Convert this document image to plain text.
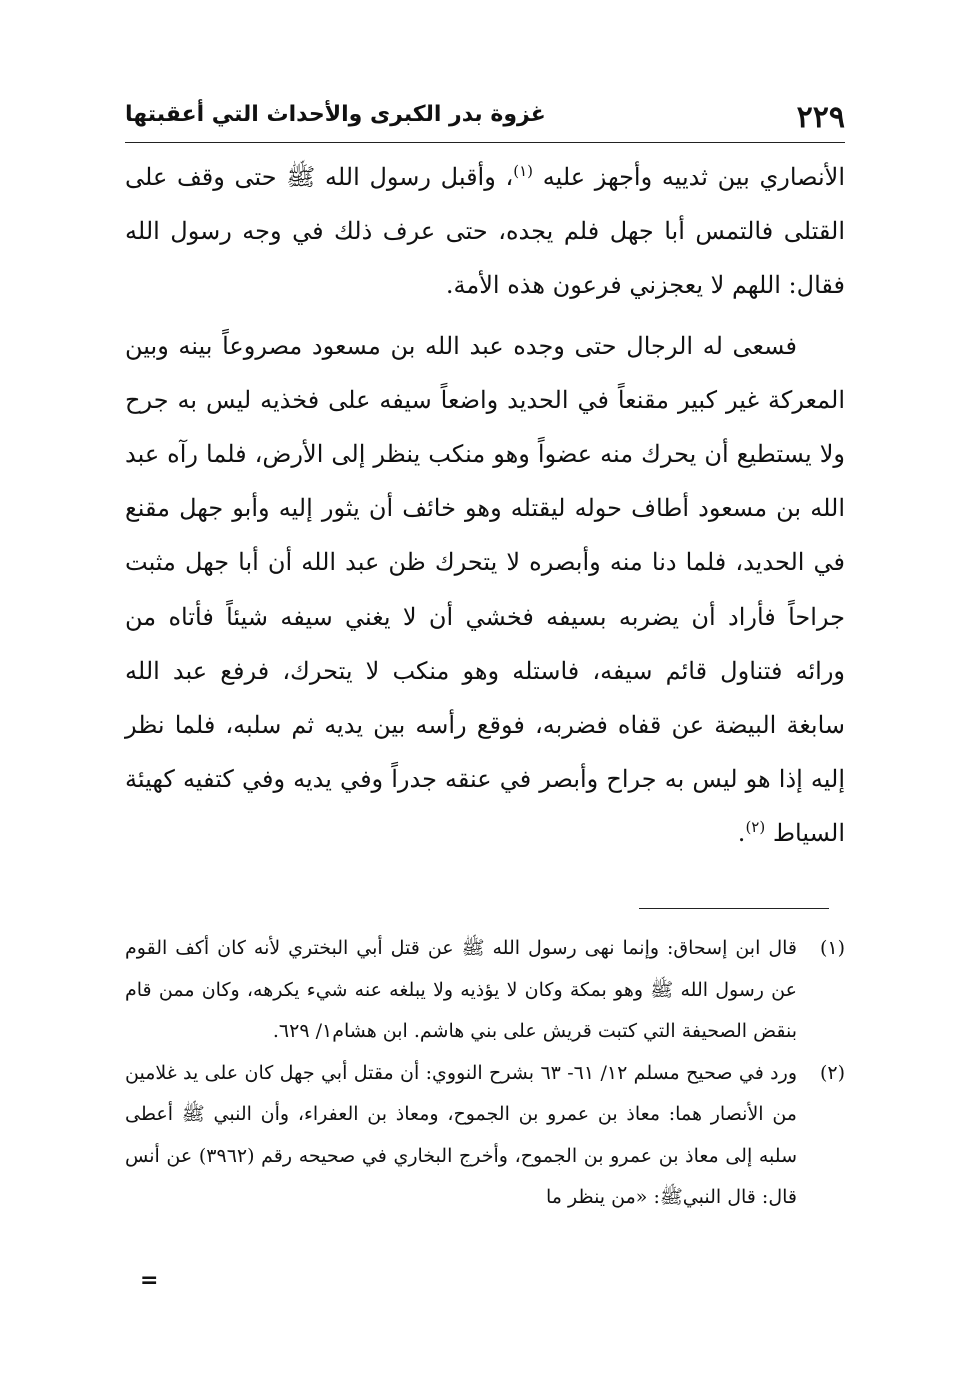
٢٢٩
غزوة بدر الكبرى والأحداث التي أعقبتها

الأنصاري بين ثدييه وأجهز عليه $^{(١)}$، وأقبل رسول الله ﷺ حتى وقف على القتلى فالتمس أبا جهل فلم يجده، حتى عرف ذلك في وجه رسول الله فقال: اللهم لا يعجزني فرعون هذه الأمة.

فسعى له الرجال حتى وجده عبد الله بن مسعود مصروعاً بينه وبين المعركة غير كبير مقنعاً في الحديد واضعاً سيفه على فخذيه ليس به جرح ولا يستطيع أن يحرك منه عضواً وهو منكب ينظر إلى الأرض، فلما رآه عبد الله بن مسعود أطاف حوله ليقتله وهو خائف أن يثور إليه وأبو جهل مقنع في الحديد، فلما دنا منه وأبصره لا يتحرك ظن عبد الله أن أبا جهل مثبت جراحاً فأراد أن يضربه بسيفه فخشي أن لا يغني سيفه شيئاً فأتاه من ورائه فتناول قائم سيفه، فاستله وهو منكب لا يتحرك، فرفع عبد الله سابغة البيضة عن قفاه فضربه، فوقع رأسه بين يديه ثم سلبه، فلما نظر إليه إذا هو ليس به جراح وأبصر في عنقه جدراً وفي يديه وفي كتفيه كهيئة السياط $^{(٢)}$.

(١)
قال ابن إسحاق: وإنما نهى رسول الله ﷺ عن قتل أبي البختري لأنه كان أكف القوم عن رسول الله ﷺ وهو بمكة وكان لا يؤذيه ولا يبلغه عنه شيء يكرهه، وكان ممن قام بنقض الصحيفة التي كتبت قريش على بني هاشم. ابن هشام١/ ٦٢٩.
(٢)
ورد في صحيح مسلم ١٢/ ٦١- ٦٣ بشرح النووي: أن مقتل أبي جهل كان على يد غلامين من الأنصار هما: معاذ بن عمرو بن الجموح، ومعاذ بن العفراء، وأن النبي ﷺ أعطى سلبه إلى معاذ بن عمرو بن الجموح، وأخرج البخاري في صحيحه رقم (٣٩٦٢) عن أنس قال: قال النبيﷺ: «من ينظر ما
=
